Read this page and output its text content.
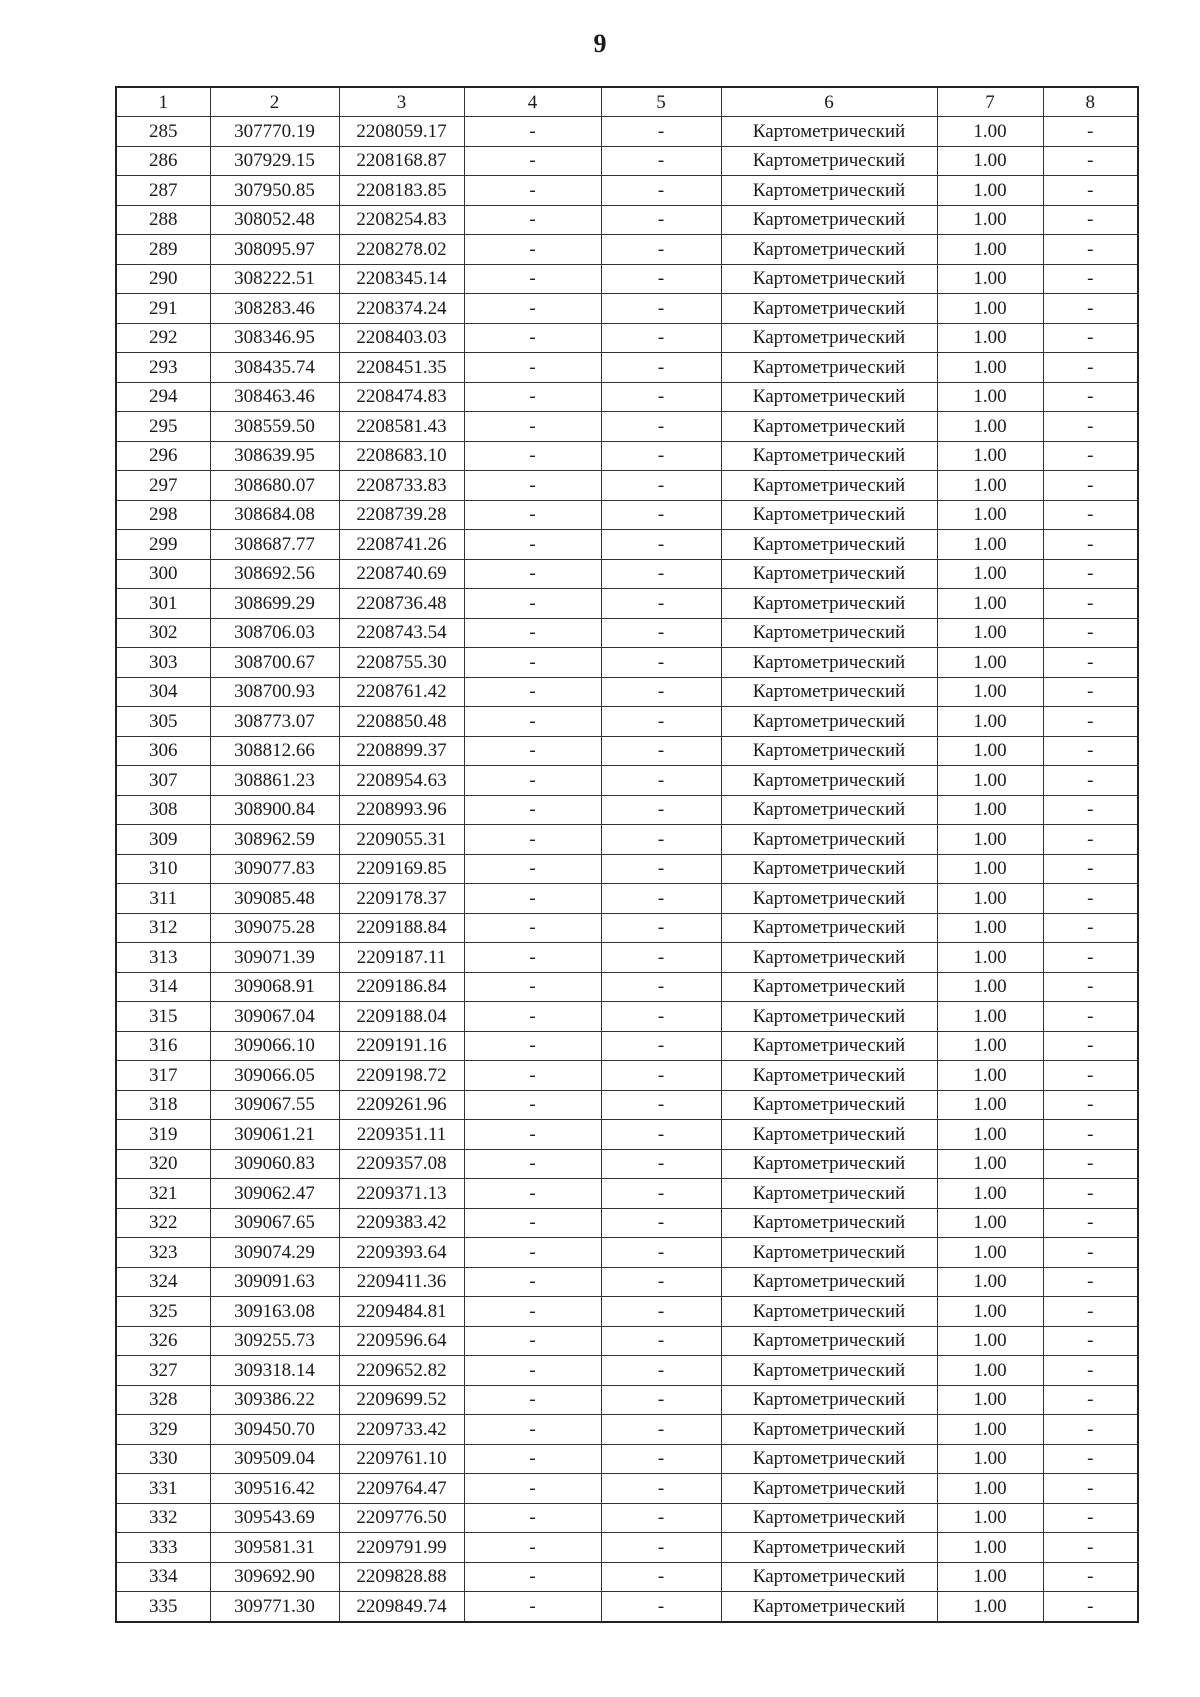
9
1	2	3	4	5	6	7	8
285	307770.19	2208059.17	-	-	Картометрический	1.00	-
286	307929.15	2208168.87	-	-	Картометрический	1.00	-
287	307950.85	2208183.85	-	-	Картометрический	1.00	-
288	308052.48	2208254.83	-	-	Картометрический	1.00	-
289	308095.97	2208278.02	-	-	Картометрический	1.00	-
290	308222.51	2208345.14	-	-	Картометрический	1.00	-
291	308283.46	2208374.24	-	-	Картометрический	1.00	-
292	308346.95	2208403.03	-	-	Картометрический	1.00	-
293	308435.74	2208451.35	-	-	Картометрический	1.00	-
294	308463.46	2208474.83	-	-	Картометрический	1.00	-
295	308559.50	2208581.43	-	-	Картометрический	1.00	-
296	308639.95	2208683.10	-	-	Картометрический	1.00	-
297	308680.07	2208733.83	-	-	Картометрический	1.00	-
298	308684.08	2208739.28	-	-	Картометрический	1.00	-
299	308687.77	2208741.26	-	-	Картометрический	1.00	-
300	308692.56	2208740.69	-	-	Картометрический	1.00	-
301	308699.29	2208736.48	-	-	Картометрический	1.00	-
302	308706.03	2208743.54	-	-	Картометрический	1.00	-
303	308700.67	2208755.30	-	-	Картометрический	1.00	-
304	308700.93	2208761.42	-	-	Картометрический	1.00	-
305	308773.07	2208850.48	-	-	Картометрический	1.00	-
306	308812.66	2208899.37	-	-	Картометрический	1.00	-
307	308861.23	2208954.63	-	-	Картометрический	1.00	-
308	308900.84	2208993.96	-	-	Картометрический	1.00	-
309	308962.59	2209055.31	-	-	Картометрический	1.00	-
310	309077.83	2209169.85	-	-	Картометрический	1.00	-
311	309085.48	2209178.37	-	-	Картометрический	1.00	-
312	309075.28	2209188.84	-	-	Картометрический	1.00	-
313	309071.39	2209187.11	-	-	Картометрический	1.00	-
314	309068.91	2209186.84	-	-	Картометрический	1.00	-
315	309067.04	2209188.04	-	-	Картометрический	1.00	-
316	309066.10	2209191.16	-	-	Картометрический	1.00	-
317	309066.05	2209198.72	-	-	Картометрический	1.00	-
318	309067.55	2209261.96	-	-	Картометрический	1.00	-
319	309061.21	2209351.11	-	-	Картометрический	1.00	-
320	309060.83	2209357.08	-	-	Картометрический	1.00	-
321	309062.47	2209371.13	-	-	Картометрический	1.00	-
322	309067.65	2209383.42	-	-	Картометрический	1.00	-
323	309074.29	2209393.64	-	-	Картометрический	1.00	-
324	309091.63	2209411.36	-	-	Картометрический	1.00	-
325	309163.08	2209484.81	-	-	Картометрический	1.00	-
326	309255.73	2209596.64	-	-	Картометрический	1.00	-
327	309318.14	2209652.82	-	-	Картометрический	1.00	-
328	309386.22	2209699.52	-	-	Картометрический	1.00	-
329	309450.70	2209733.42	-	-	Картометрический	1.00	-
330	309509.04	2209761.10	-	-	Картометрический	1.00	-
331	309516.42	2209764.47	-	-	Картометрический	1.00	-
332	309543.69	2209776.50	-	-	Картометрический	1.00	-
333	309581.31	2209791.99	-	-	Картометрический	1.00	-
334	309692.90	2209828.88	-	-	Картометрический	1.00	-
335	309771.30	2209849.74	-	-	Картометрический	1.00	-
